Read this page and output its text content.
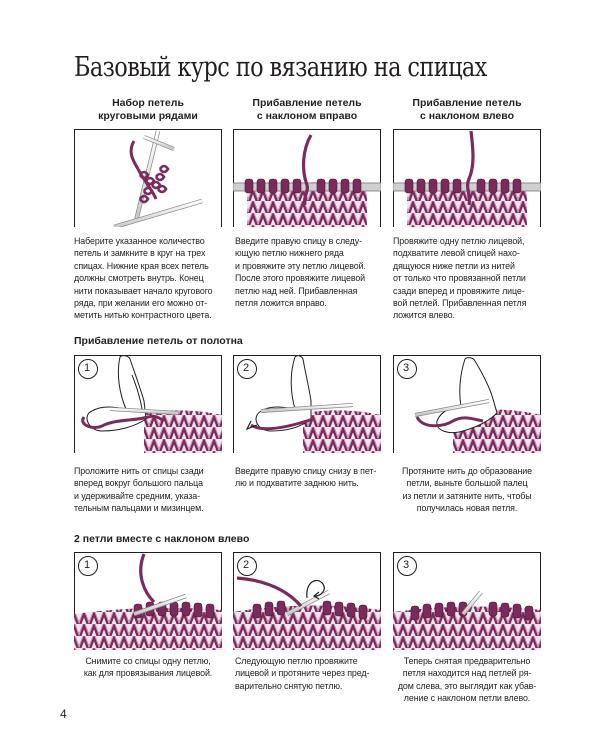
Базовый курс по вязанию на спицах
Набор петель
круговыми рядами
Прибавление петель
с наклоном вправо
Прибавление петель
с наклоном влево

Наберите указанное количество
петель и замкните в круг на трех
спицах. Нижние края всех петель
должны смотреть внутрь. Конец
нити показывает начало кругового
ряда, при желании его можно от-
метить нитью контрастного цвета.

Введите правую спицу в следу-
ющую петлю нижнего ряда
и провяжите эту петлю лицевой.
После этого провяжите лицевой
петлю над ней. Прибавленная
петля ложится вправо.

Провяжите одну петлю лицевой,
подхватите левой спицей нахо-
дящуюся ниже петли из нитей
от только что провязанной петли
сзади вперед и провяжите лице-
вой петлей. Прибавленная петля
ложится влево.

Прибавление петель от полотна
1	2	3

Проложите нить от спицы сзади
вперед вокруг большого пальца
и удерживайте средним, указа-
тельным пальцами и мизинцем.

Введите правую спицу снизу в пет-
лю и подхватите заднюю нить.

Протяните нить до образование
петли, выньте большой палец
из петли и затяните нить, чтобы
получилась новая петля.

2 петли вместе с наклоном влево
1	2	3

Снимите со спицы одну петлю,
как для провязывания лицевой.

Следующую петлю провяжите
лицевой и протяните через пред-
варительно снятую петлю.

Теперь снятая предварительно
петля находится над петлей ря-
дом слева, это выглядит как убав-
ление с наклоном петли влево.

4
